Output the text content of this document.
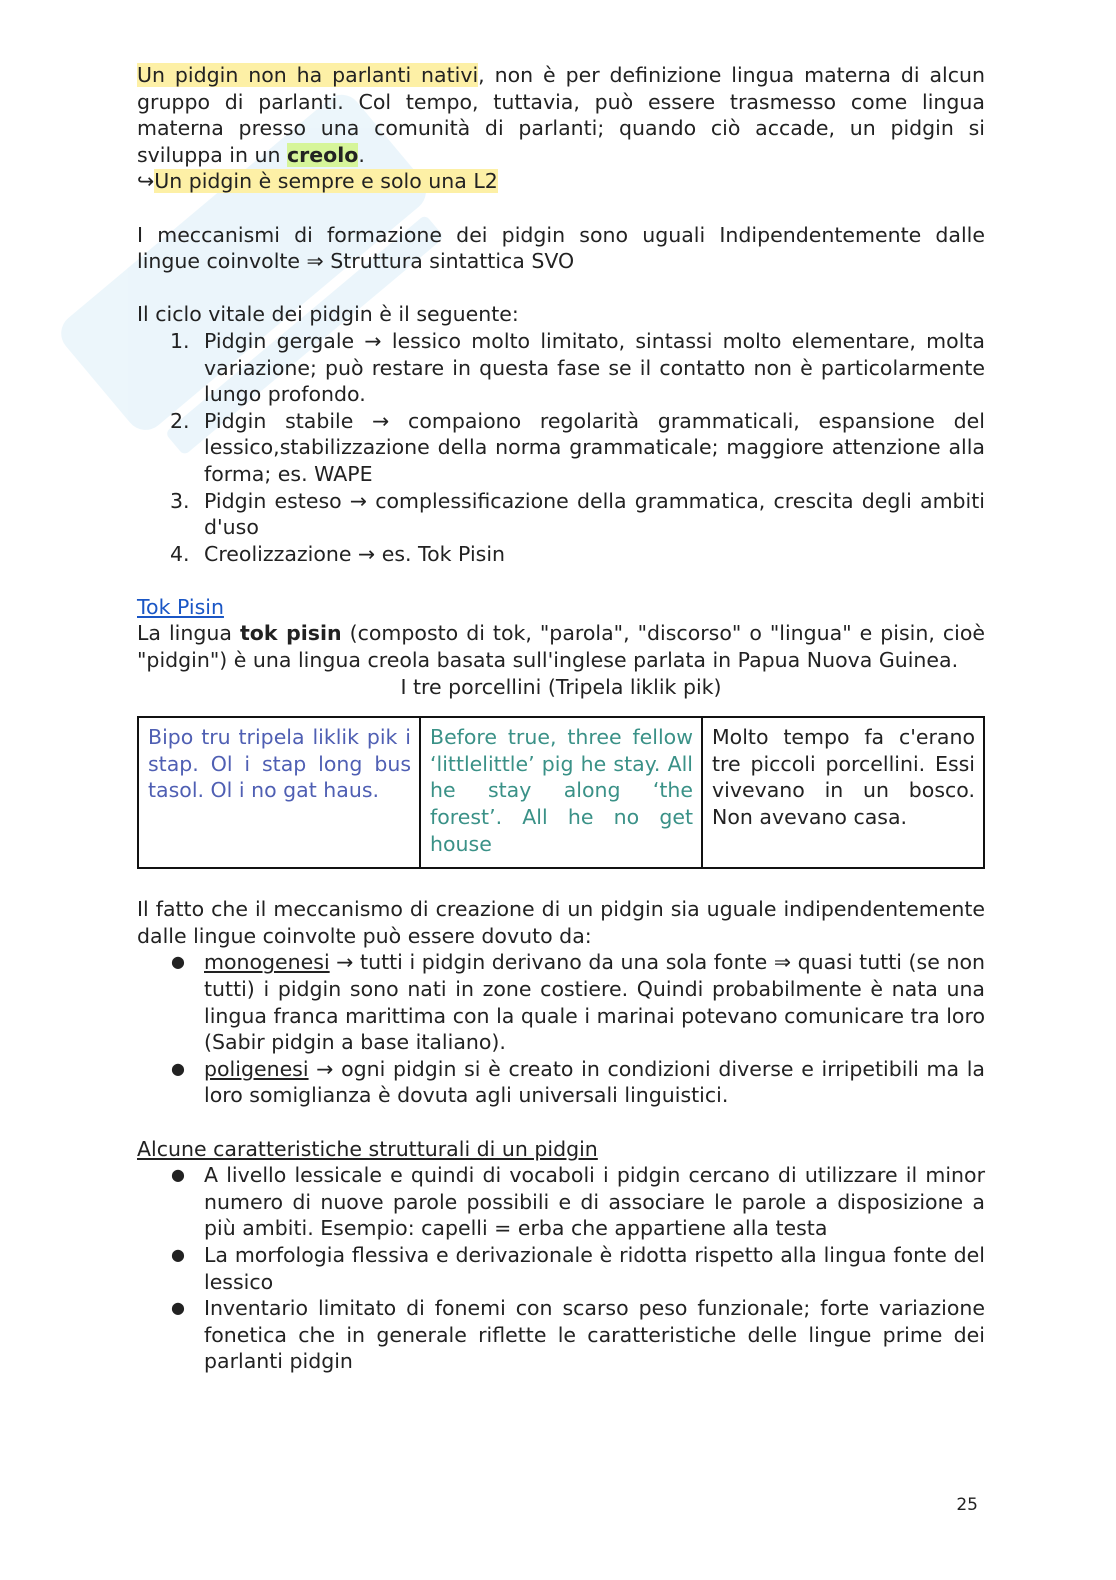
Un pidgin non ha parlanti nativi, non è per definizione lingua materna di alcun gruppo di parlanti. Col tempo, tuttavia, può essere trasmesso come lingua materna presso una comunità di parlanti; quando ciò accade, un pidgin si sviluppa in un creolo.

↪Un pidgin è sempre e solo una L2

I meccanismi di formazione dei pidgin sono uguali Indipendentemente dalle lingue coinvolte ⇒ Struttura sintattica SVO

Il ciclo vitale dei pidgin è il seguente:

1. Pidgin gergale → lessico molto limitato, sintassi molto elementare, molta variazione; può restare in questa fase se il contatto non è particolarmente lungo profondo.
2. Pidgin stabile → compaiono regolarità grammaticali, espansione del lessico,stabilizzazione della norma grammaticale; maggiore attenzione alla forma; es. WAPE
3. Pidgin esteso → complessificazione della grammatica, crescita degli ambiti d'uso
4. Creolizzazione → es. Tok Pisin

Tok Pisin

La lingua tok pisin (composto di tok, "parola", "discorso" o "lingua" e pisin, cioè "pidgin") è una lingua creola basata sull'inglese parlata in Papua Nuova Guinea.

I tre porcellini (Tripela liklik pik)

Bipo tru tripela liklik pik i stap. Ol i stap long bus tasol. Ol i no gat haus.	Before true, three fellow ‘littlelittle’ pig he stay. All he stay along ‘the forest’. All he no get house	Molto tempo fa c'erano tre piccoli porcellini. Essi vivevano in un bosco. Non avevano casa.

Il fatto che il meccanismo di creazione di un pidgin sia uguale indipendentemente dalle lingue coinvolte può essere dovuto da:

● monogenesi → tutti i pidgin derivano da una sola fonte ⇒ quasi tutti (se non tutti) i pidgin sono nati in zone costiere. Quindi probabilmente è nata una lingua franca marittima con la quale i marinai potevano comunicare tra loro (Sabir pidgin a base italiano).
● poligenesi → ogni pidgin si è creato in condizioni diverse e irripetibili ma la loro somiglianza è dovuta agli universali linguistici.

Alcune caratteristiche strutturali di un pidgin

● A livello lessicale e quindi di vocaboli i pidgin cercano di utilizzare il minor numero di nuove parole possibili e di associare le parole a disposizione a più ambiti. Esempio: capelli = erba che appartiene alla testa
● La morfologia flessiva e derivazionale è ridotta rispetto alla lingua fonte del lessico
● Inventario limitato di fonemi con scarso peso funzionale; forte variazione fonetica che in generale riflette le caratteristiche delle lingue prime dei parlanti pidgin
25
